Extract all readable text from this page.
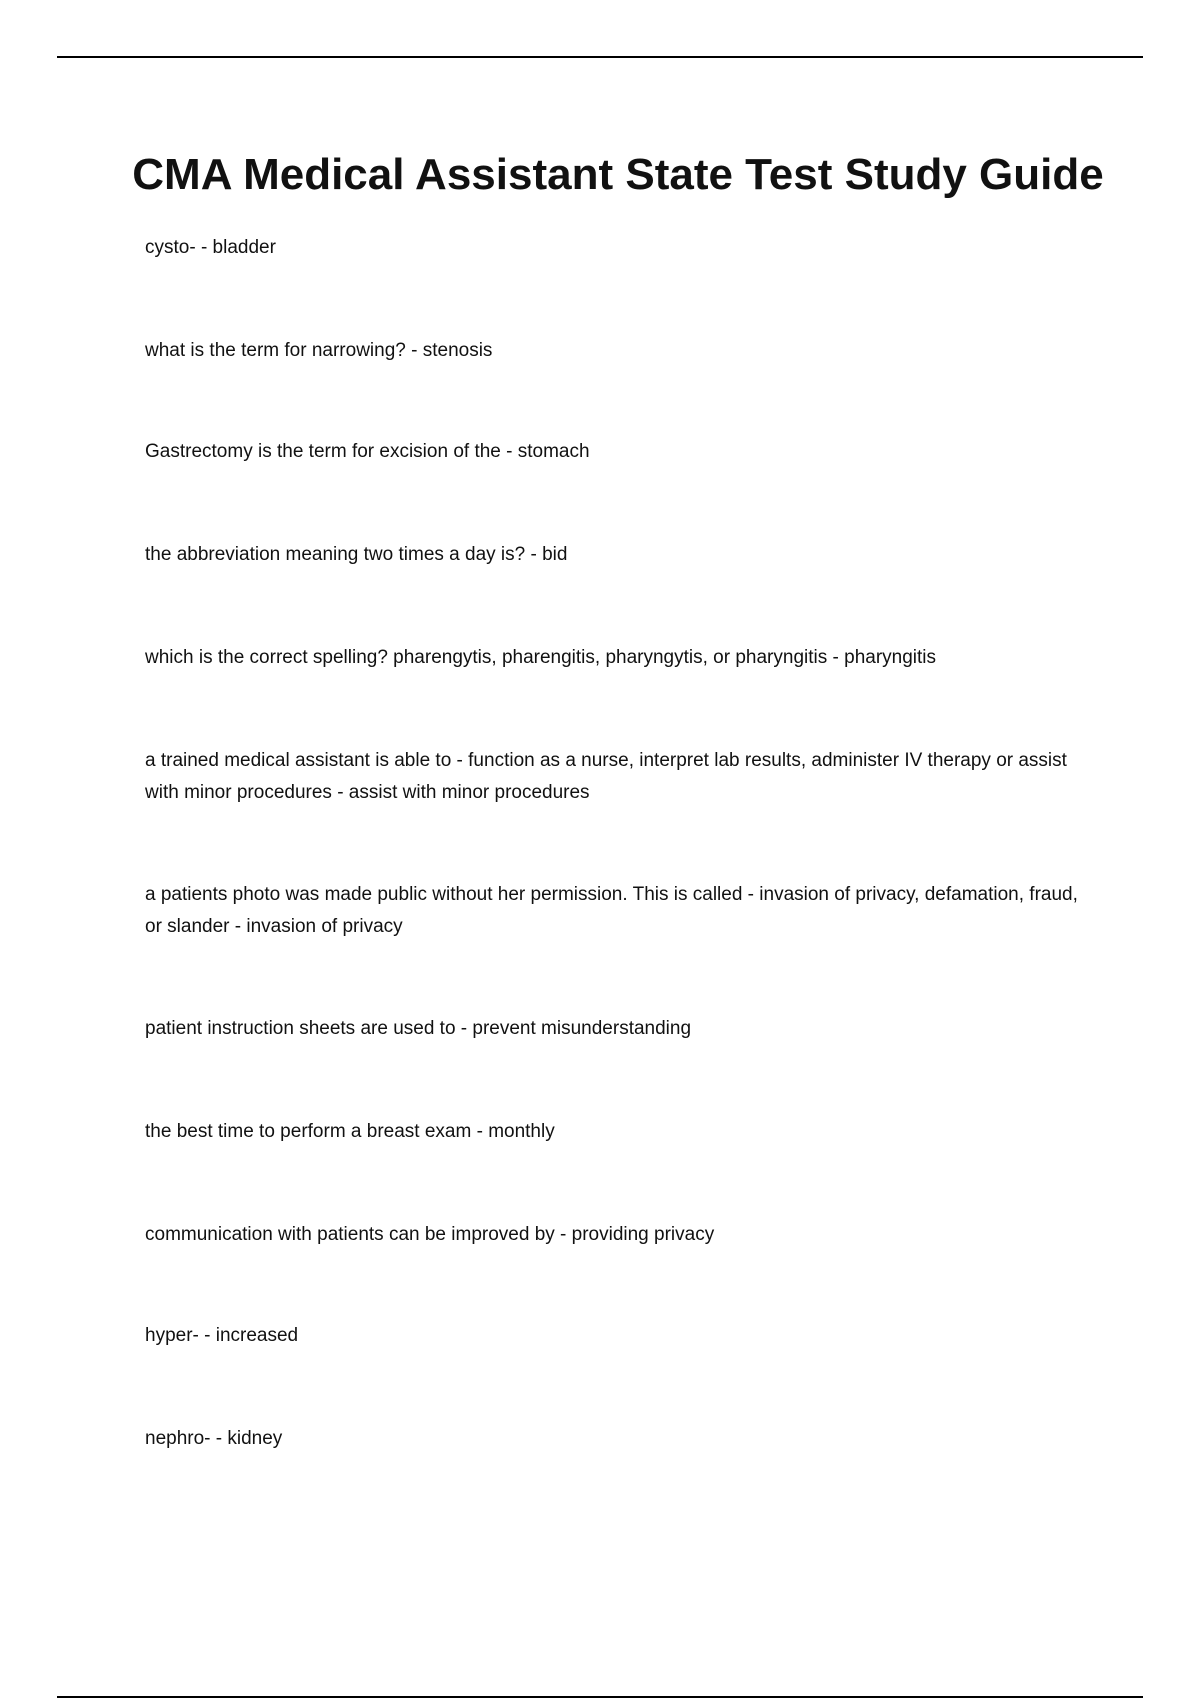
CMA Medical Assistant State Test Study Guide

cysto- - bladder

what is the term for narrowing? - stenosis

Gastrectomy is the term for excision of the - stomach

the abbreviation meaning two times a day is? - bid

which is the correct spelling? pharengytis, pharengitis, pharyngytis, or pharyngitis - pharyngitis

a trained medical assistant is able to - function as a nurse, interpret lab results, administer IV therapy or assist with minor procedures - assist with minor procedures

a patients photo was made public without her permission. This is called - invasion of privacy, defamation, fraud, or slander - invasion of privacy

patient instruction sheets are used to - prevent misunderstanding

the best time to perform a breast exam - monthly

communication with patients can be improved by - providing privacy

hyper- - increased

nephro- - kidney
